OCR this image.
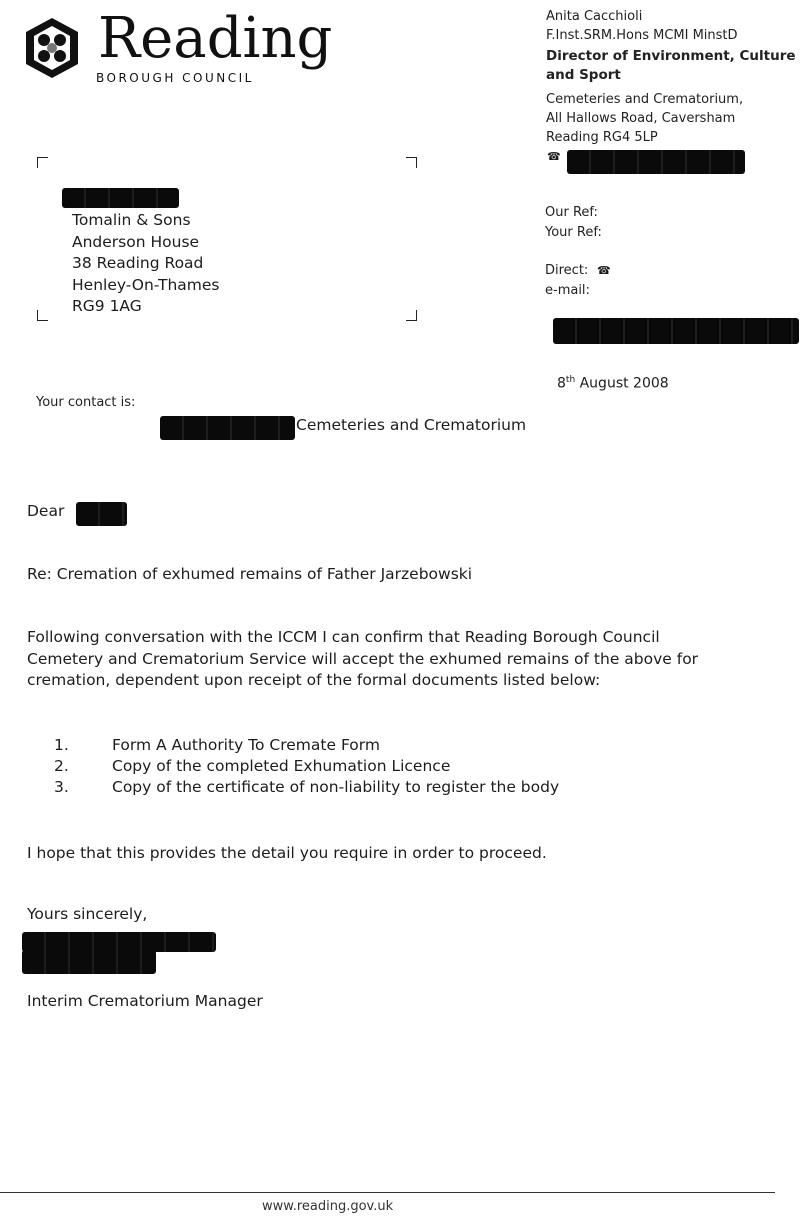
Reading
BOROUGH COUNCIL
Anita Cacchioli
F.Inst.SRM.Hons MCMI MinstD
Director of Environment, Culture
and Sport
Cemeteries and Crematorium,
All Hallows Road, Caversham
Reading RG4 5LP
☎
Our Ref:
Your Ref:
Direct: ☎
e-mail:
Tomalin & Sons
Anderson House
38 Reading Road
Henley-On-Thames
RG9 1AG
8th August 2008
Your contact is:
Cemeteries and Crematorium
Dear
Re: Cremation of exhumed remains of Father Jarzebowski
Following conversation with the ICCM I can confirm that Reading Borough Council
Cemetery and Crematorium Service will accept the exhumed remains of the above for
cremation, dependent upon receipt of the formal documents listed below:
1.	Form A Authority To Cremate Form
2.	Copy of the completed Exhumation Licence
3.	Copy of the certificate of non-liability to register the body
I hope that this provides the detail you require in order to proceed.
Yours sincerely,
Interim Crematorium Manager
www.reading.gov.uk
